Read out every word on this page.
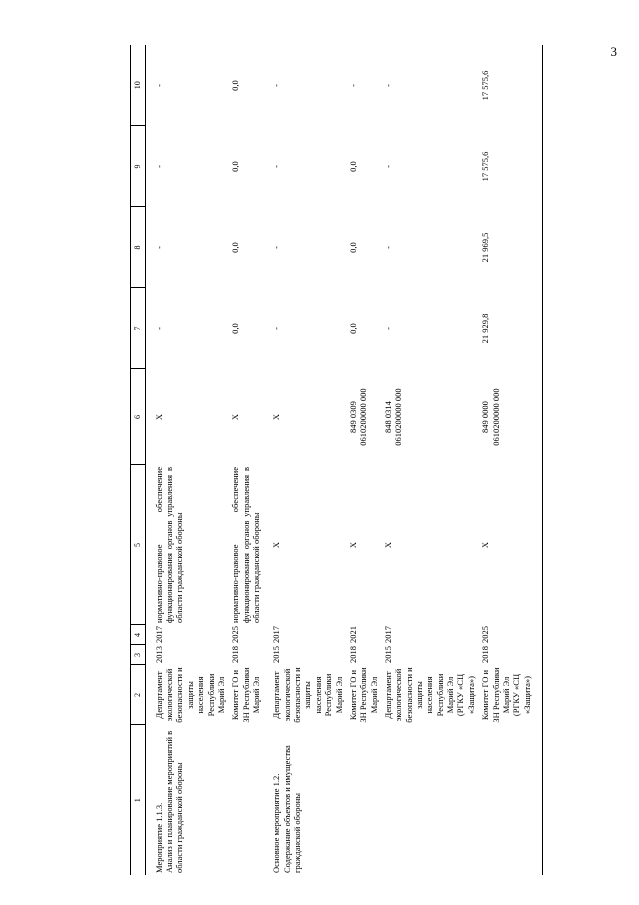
3
1	2	3	4	5	6	7	8	9	10
Мероприятие 1.1.3.
Анализ и планирование мероприятий в области гражданской обороны	Департамент экологической безопасности и защиты населения Республики Марий Эл	2013	2017	нормативно-правовое обеспечение функционирования органов управления в области гражданской обороны	Х	-	-	-	-
	Комитет ГО и ЗН Республики Марий Эл	2018	2025	нормативно-правовое обеспечение функционирования органов управления в области гражданской обороны	Х	0,0	0,0	0,0	0,0
Основное мероприятие 1.2.
Содержание объектов и имущества гражданской обороны	Департамент экологической безопасности и защиты населения Республики Марий Эл	2015	2017	Х	Х	-	-	-	-
	Комитет ГО и ЗН Республики Марий Эл	2018	2021	Х	849 0309
0610200000 000	0,0	0,0	0,0	-
	Департамент экологической безопасности и защиты населения Республики Марий Эл (РГКУ «СЦ «Защита»)	2015	2017	Х	848 0314
0610200000 000	-	-	-	-
	Комитет ГО и ЗН Республики Марий Эл (РГКУ «СЦ «Защита»)	2018	2025	Х	849 0000
0610200000 000	21 929,8	21 969,5	17 575,6	17 575,6
